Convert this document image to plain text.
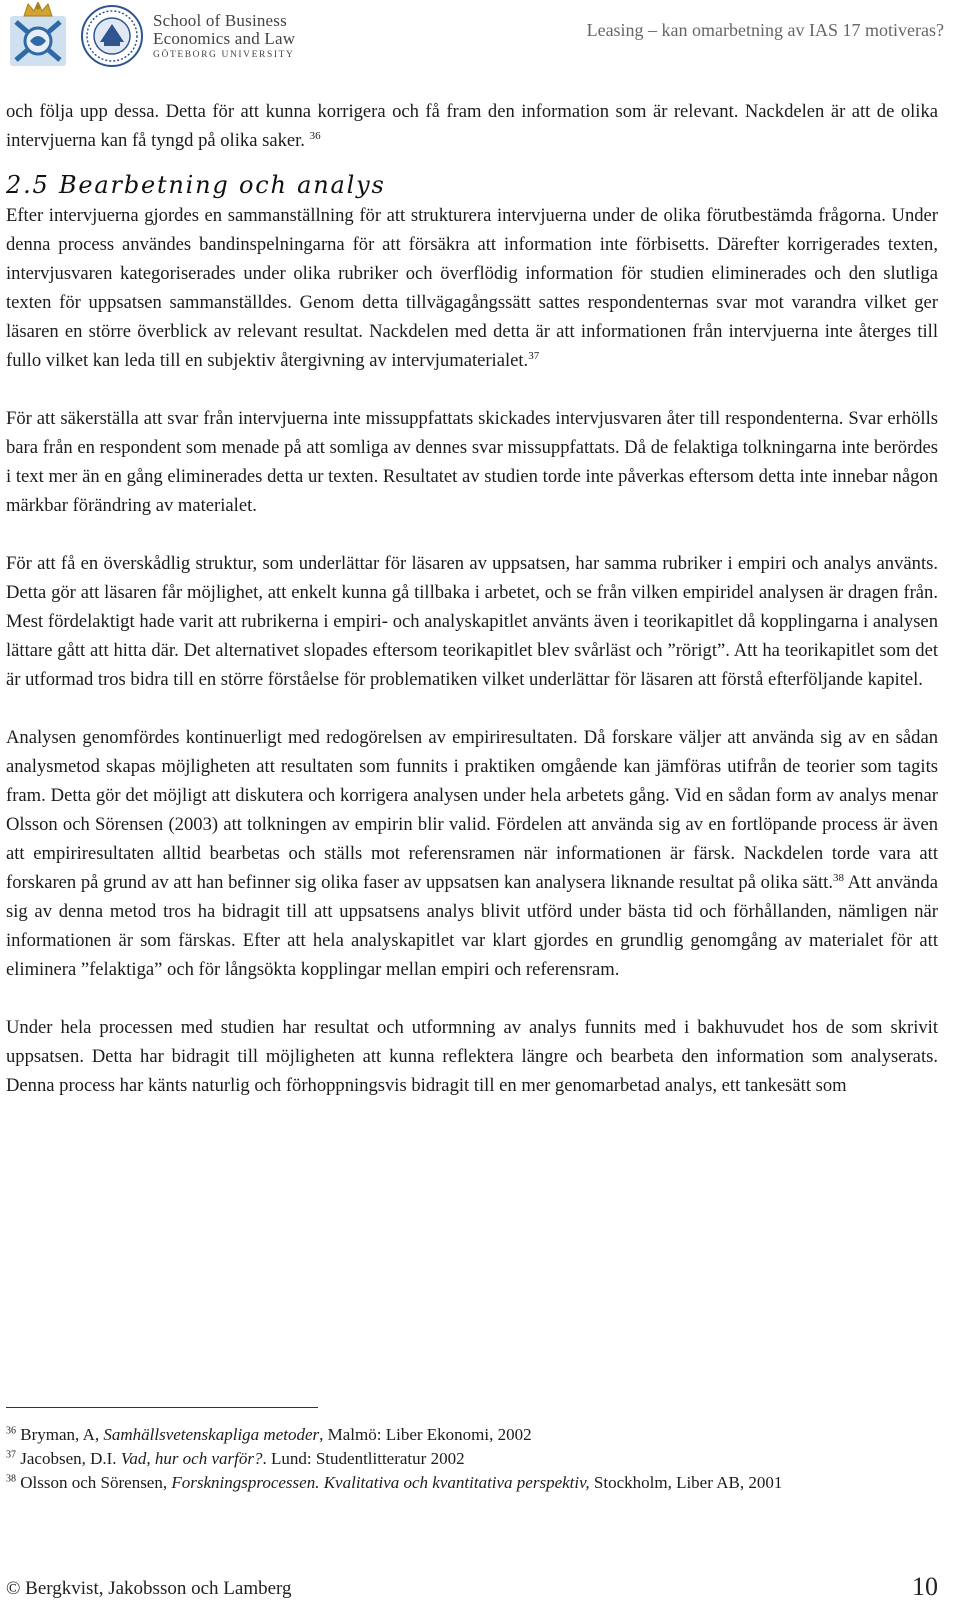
School of Business
Economics and Law
GÖTEBORG UNIVERSITY
Leasing – kan omarbetning av IAS 17 motiveras?

och följa upp dessa. Detta för att kunna korrigera och få fram den information som är relevant. Nackdelen är att de olika intervjuerna kan få tyngd på olika saker. $^{36}$

2.5 Bearbetning och analys

Efter intervjuerna gjordes en sammanställning för att strukturera intervjuerna under de olika förutbestämda frågorna. Under denna process användes bandinspelningarna för att försäkra att information inte förbisetts. Därefter korrigerades texten, intervjusvaren kategoriserades under olika rubriker och överflödig information för studien eliminerades och den slutliga texten för uppsatsen sammanställdes. Genom detta tillvägagångssätt sattes respondenternas svar mot varandra vilket ger läsaren en större överblick av relevant resultat. Nackdelen med detta är att informationen från intervjuerna inte återges till fullo vilket kan leda till en subjektiv återgivning av intervjumaterialet.$^{37}$

För att säkerställa att svar från intervjuerna inte missuppfattats skickades intervjusvaren åter till respondenterna. Svar erhölls bara från en respondent som menade på att somliga av dennes svar missuppfattats. Då de felaktiga tolkningarna inte berördes i text mer än en gång eliminerades detta ur texten. Resultatet av studien torde inte påverkas eftersom detta inte innebar någon märkbar förändring av materialet.

För att få en överskådlig struktur, som underlättar för läsaren av uppsatsen, har samma rubriker i empiri och analys använts. Detta gör att läsaren får möjlighet, att enkelt kunna gå tillbaka i arbetet, och se från vilken empiridel analysen är dragen från. Mest fördelaktigt hade varit att rubrikerna i empiri- och analyskapitlet använts även i teorikapitlet då kopplingarna i analysen lättare gått att hitta där. Det alternativet slopades eftersom teorikapitlet blev svårläst och ”rörigt”. Att ha teorikapitlet som det är utformad tros bidra till en större förståelse för problematiken vilket underlättar för läsaren att förstå efterföljande kapitel.

Analysen genomfördes kontinuerligt med redogörelsen av empiriresultaten. Då forskare väljer att använda sig av en sådan analysmetod skapas möjligheten att resultaten som funnits i praktiken omgående kan jämföras utifrån de teorier som tagits fram. Detta gör det möjligt att diskutera och korrigera analysen under hela arbetets gång. Vid en sådan form av analys menar Olsson och Sörensen (2003) att tolkningen av empirin blir valid. Fördelen att använda sig av en fortlöpande process är även att empiriresultaten alltid bearbetas och ställs mot referensramen när informationen är färsk. Nackdelen torde vara att forskaren på grund av att han befinner sig olika faser av uppsatsen kan analysera liknande resultat på olika sätt.$^{38}$ Att använda sig av denna metod tros ha bidragit till att uppsatsens analys blivit utförd under bästa tid och förhållanden, nämligen när informationen är som färskas. Efter att hela analyskapitlet var klart gjordes en grundlig genomgång av materialet för att eliminera ”felaktiga” och för långsökta kopplingar mellan empiri och referensram.

Under hela processen med studien har resultat och utformning av analys funnits med i bakhuvudet hos de som skrivit uppsatsen. Detta har bidragit till möjligheten att kunna reflektera längre och bearbeta den information som analyserats. Denna process har känts naturlig och förhoppningsvis bidragit till en mer genomarbetad analys, ett tankesätt som

$^{36}$ Bryman, A, Samhällsvetenskapliga metoder, Malmö: Liber Ekonomi, 2002
$^{37}$ Jacobsen, D.I. Vad, hur och varför?. Lund: Studentlitteratur 2002
$^{38}$ Olsson och Sörensen, Forskningsprocessen. Kvalitativa och kvantitativa perspektiv, Stockholm, Liber AB, 2001
© Bergkvist, Jakobsson och Lamberg	10
